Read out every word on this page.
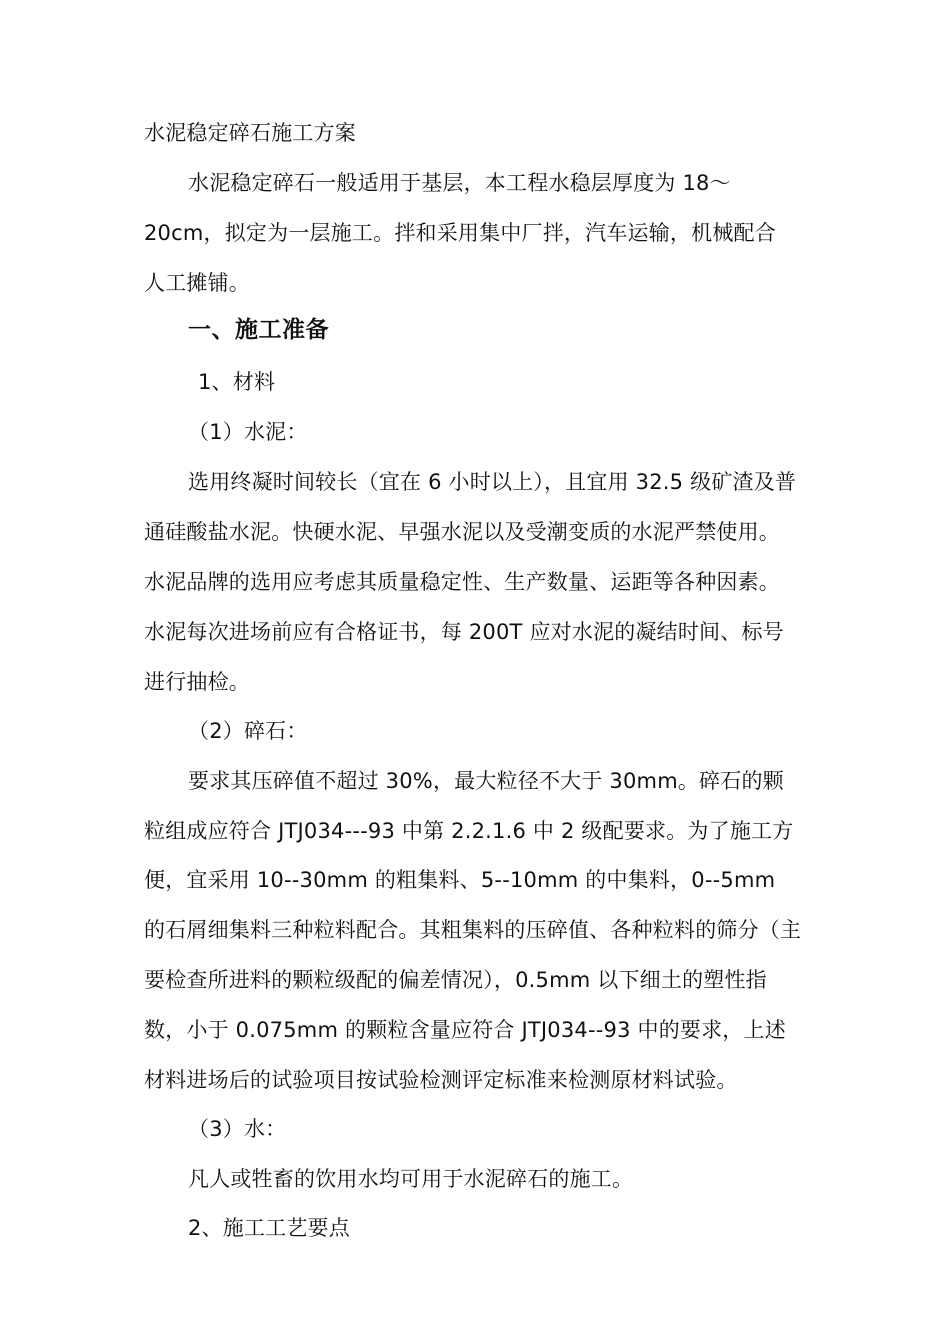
水泥稳定碎石施工方案
水泥稳定碎石一般适用于基层，本工程水稳层厚度为 18～
20cm，拟定为一层施工。拌和采用集中厂拌，汽车运输，机械配合
人工摊铺。
一、施工准备
1、材料
（1）水泥：
选用终凝时间较长（宜在 6 小时以上），且宜用 32.5 级矿渣及普
通硅酸盐水泥。快硬水泥、早强水泥以及受潮变质的水泥严禁使用。
水泥品牌的选用应考虑其质量稳定性、生产数量、运距等各种因素。
水泥每次进场前应有合格证书，每 200T 应对水泥的凝结时间、标号
进行抽检。
（2）碎石：
要求其压碎值不超过 30%，最大粒径不大于 30mm。碎石的颗
粒组成应符合 JTJ034---93 中第 2.2.1.6 中 2 级配要求。为了施工方
便，宜采用 10--30mm 的粗集料、5--10mm 的中集料，0--5mm
的石屑细集料三种粒料配合。其粗集料的压碎值、各种粒料的筛分（主
要检查所进料的颗粒级配的偏差情况），0.5mm 以下细土的塑性指
数，小于 0.075mm 的颗粒含量应符合 JTJ034--93 中的要求，上述
材料进场后的试验项目按试验检测评定标准来检测原材料试验。
（3）水：
凡人或牲畜的饮用水均可用于水泥碎石的施工。
2、施工工艺要点
